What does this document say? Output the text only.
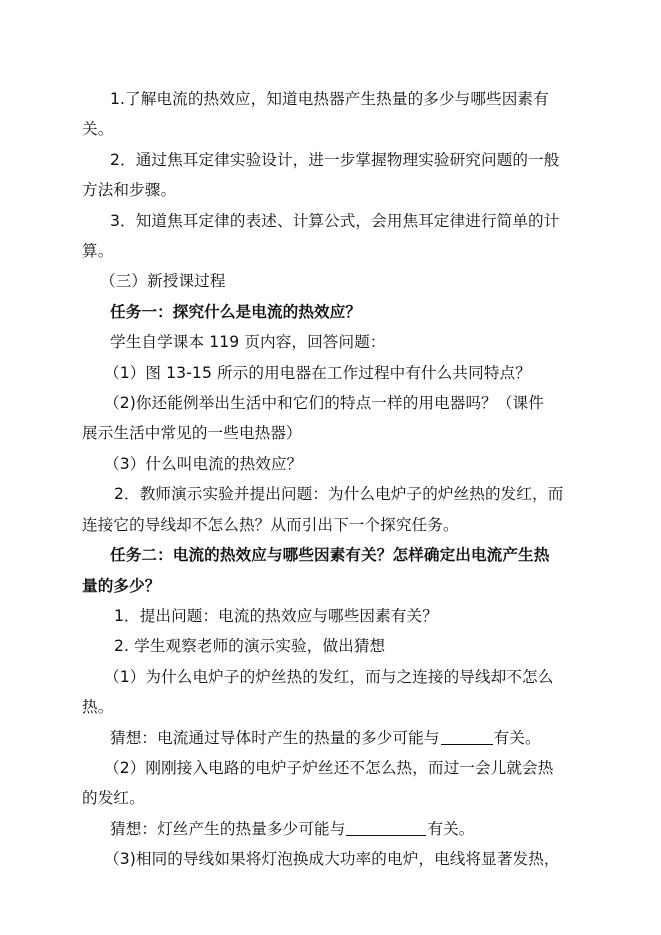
1.了解电流的热效应，知道电热器产生热量的多少与哪些因素有
关。
2．通过焦耳定律实验设计，进一步掌握物理实验研究问题的一般
方法和步骤。
3．知道焦耳定律的表述、计算公式，会用焦耳定律进行简单的计
算。
（三）新授课过程
任务一：探究什么是电流的热效应？
学生自学课本 119 页内容，回答问题：
（1）图 13-15 所示的用电器在工作过程中有什么共同特点？
（2)你还能例举出生活中和它们的特点一样的用电器吗？（课件
展示生活中常见的一些电热器）
（3）什么叫电流的热效应？
2．教师演示实验并提出问题：为什么电炉子的炉丝热的发红，而
连接它的导线却不怎么热？从而引出下一个探究任务。
任务二：电流的热效应与哪些因素有关？怎样确定出电流产生热
量的多少？
1．提出问题：电流的热效应与哪些因素有关？
2. 学生观察老师的演示实验，做出猜想
（1）为什么电炉子的炉丝热的发红，而与之连接的导线却不怎么
热。
猜想：电流通过导体时产生的热量的多少可能与	有关。
（2）刚刚接入电路的电炉子炉丝还不怎么热，而过一会儿就会热
的发红。
猜想：灯丝产生的热量多少可能与	有关。
（3)相同的导线如果将灯泡换成大功率的电炉，电线将显著发热，
